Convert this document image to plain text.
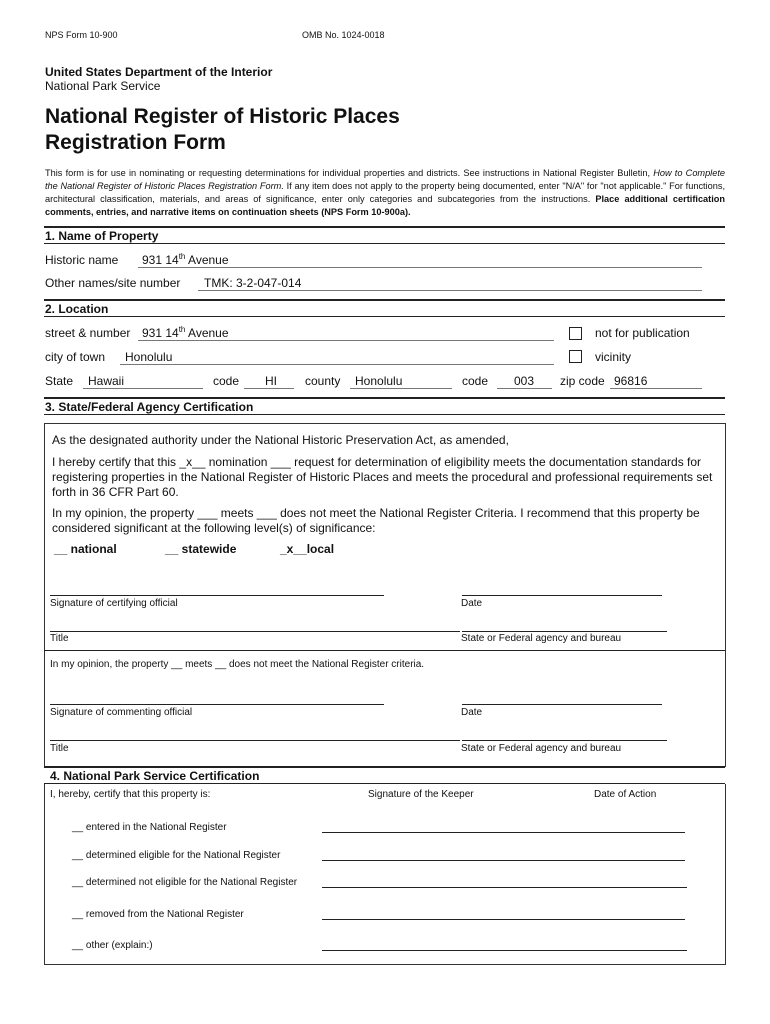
NPS Form 10-900	OMB No. 1024-0018
United States Department of the Interior
National Park Service
National Register of Historic Places
Registration Form
This form is for use in nominating or requesting determinations for individual properties and districts. See instructions in National Register Bulletin, How to Complete the National Register of Historic Places Registration Form. If any item does not apply to the property being documented, enter "N/A" for "not applicable." For functions, architectural classification, materials, and areas of significance, enter only categories and subcategories from the instructions. Place additional certification comments, entries, and narrative items on continuation sheets (NPS Form 10-900a).
1. Name of Property
Historic name 931 14th Avenue
Other names/site number TMK: 3-2-047-014
2. Location
street & number 931 14th Avenue	not for publication
city of town Honolulu	vicinity
State Hawaii	code HI county Honolulu	code 003 zip code 96816
3. State/Federal Agency Certification
As the designated authority under the National Historic Preservation Act, as amended,
I hereby certify that this _x__ nomination ___ request for determination of eligibility meets the documentation standards for registering properties in the National Register of Historic Places and meets the procedural and professional requirements set forth in 36 CFR Part 60.
In my opinion, the property ___ meets ___ does not meet the National Register Criteria. I recommend that this property be considered significant at the following level(s) of significance:
__ national	__ statewide	_x__local
Signature of certifying official	Date
Title	State or Federal agency and bureau
In my opinion, the property __ meets __ does not meet the National Register criteria.
Signature of commenting official	Date
Title	State or Federal agency and bureau
4. National Park Service Certification
I, hereby, certify that this property is:	Signature of the Keeper	Date of Action
__ entered in the National Register
__ determined eligible for the National Register
__ determined not eligible for the National Register
__ removed from the National Register
__ other (explain:)
